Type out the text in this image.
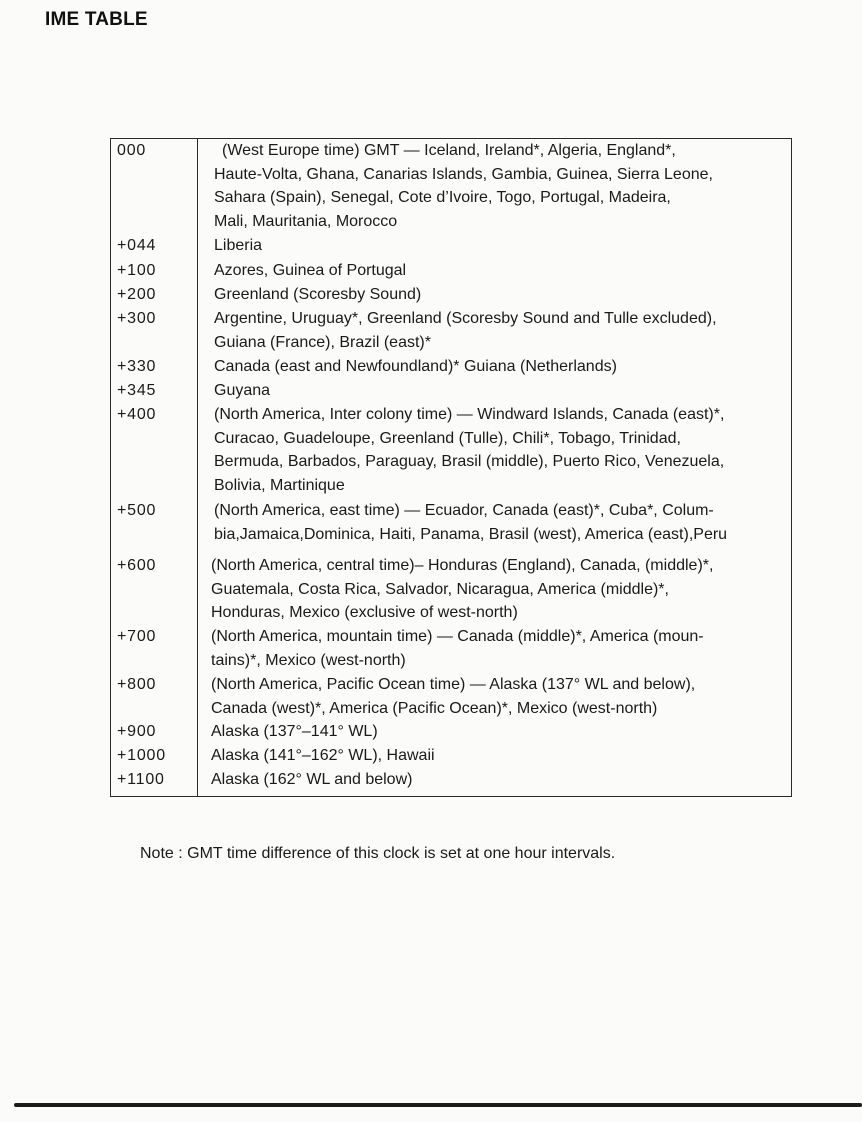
IME TABLE
000	(West Europe time) GMT — Iceland, Ireland*, Algeria, England*,
Haute-Volta, Ghana, Canarias Islands, Gambia, Guinea, Sierra Leone,
Sahara (Spain), Senegal, Cote d’Ivoire, Togo, Portugal, Madeira,
Mali, Mauritania, Morocco
+044	Liberia
+100	Azores, Guinea of Portugal
+200	Greenland (Scoresby Sound)
+300	Argentine, Uruguay*, Greenland (Scoresby Sound and Tulle excluded),
Guiana (France), Brazil (east)*
+330	Canada (east and Newfoundland)* Guiana (Netherlands)
+345	Guyana
+400	(North America, Inter colony time) — Windward Islands, Canada (east)*,
Curacao, Guadeloupe, Greenland (Tulle), Chili*, Tobago, Trinidad,
Bermuda, Barbados, Paraguay, Brasil (middle), Puerto Rico, Venezuela,
Bolivia, Martinique
+500	(North America, east time) — Ecuador, Canada (east)*, Cuba*, Colum-
bia,Jamaica,Dominica, Haiti, Panama, Brasil (west), America (east),Peru
+600	(North America, central time)– Honduras (England), Canada, (middle)*,
Guatemala, Costa Rica, Salvador, Nicaragua, America (middle)*,
Honduras, Mexico (exclusive of west-north)
+700	(North America, mountain time) — Canada (middle)*, America (moun-
tains)*, Mexico (west-north)
+800	(North America, Pacific Ocean time) — Alaska (137° WL and below),
Canada (west)*, America (Pacific Ocean)*, Mexico (west-north)
+900	Alaska (137°–141° WL)
+1000	Alaska (141°–162° WL), Hawaii
+1100	Alaska (162° WL and below)
Note : GMT time difference of this clock is set at one hour intervals.
